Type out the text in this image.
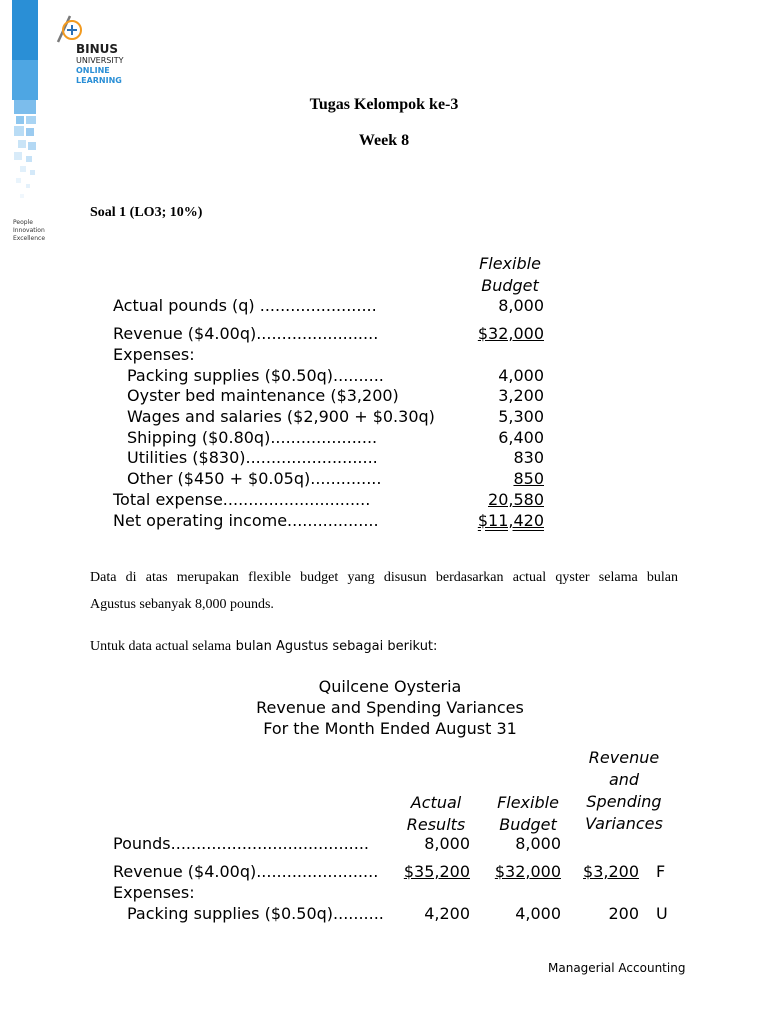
People
Innovation
Excellence
BINUS
UNIVERSITY
ONLINE
LEARNING
Tugas Kelompok ke-3
Week 8
Soal 1 (LO3; 10%)
Flexible
Budget
Actual pounds (q) .......................	8,000
Revenue ($4.00q)........................	$32,000
Expenses:
Packing supplies ($0.50q)..........	4,000
Oyster bed maintenance ($3,200)	3,200
Wages and salaries ($2,900 + $0.30q)	5,300
Shipping ($0.80q).....................	6,400
Utilities ($830)..........................	830
Other ($450 + $0.05q)..............	850
Total expense.............................	20,580
Net operating income..................	$11,420
Data di atas merupakan flexible budget yang disusun berdasarkan actual qyster selama bulan
Agustus sebanyak 8,000 pounds.
Untuk data actual selama bulan Agustus sebagai berikut:
Quilcene Oysteria
Revenue and Spending Variances
For the Month Ended August 31
Actual
Results
Flexible
Budget
Revenue
and
Spending
Variances
Pounds.......................................	8,000	8,000
Revenue ($4.00q)........................	$35,200	$32,000	$3,200 F
Expenses:
Packing supplies ($0.50q)..........	4,200	4,000	200 U
Managerial Accounting
